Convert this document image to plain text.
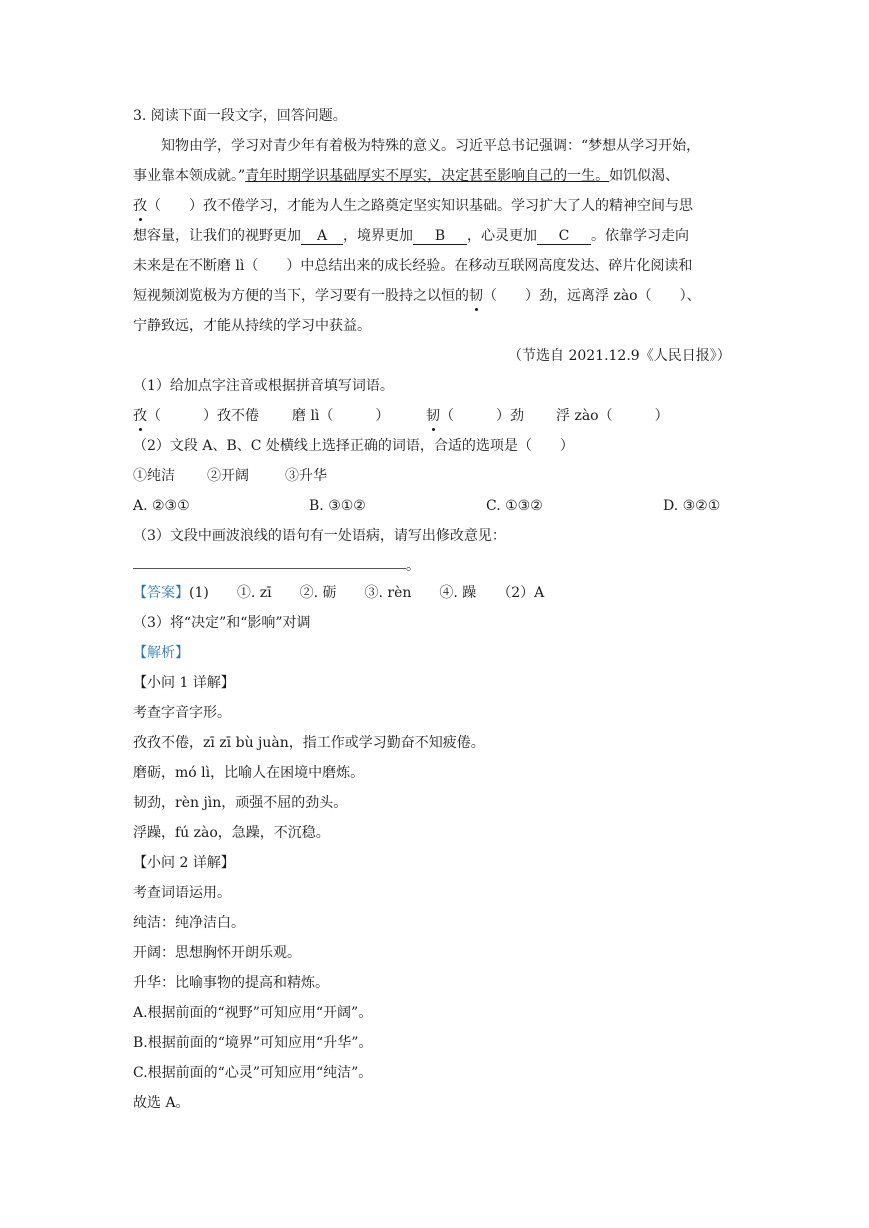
3. 阅读下面一段文字，回答问题。
知物由学，学习对青少年有着极为特殊的意义。习近平总书记强调：“梦想从学习开始，
事业靠本领成就。”青年时期学识基础厚实不厚实，决定甚至影响自己的一生。如饥似渴、
孜（　　）孜不倦学习，才能为人生之路奠定坚实知识基础。学习扩大了人的精神空间与思
想容量，让我们的视野更加 A ，境界更加 B ，心灵更加 C 。依靠学习走向
未来是在不断磨 lì（　　）中总结出来的成长经验。在移动互联网高度发达、碎片化阅读和
短视频浏览极为方便的当下，学习要有一股持之以恒的韧（　　）劲，远离浮 zào（　　）、
宁静致远，才能从持续的学习中获益。
（节选自 2021.12.9《人民日报》）
（1）给加点字注音或根据拼音填写词语。
孜（　　　）孜不倦 磨 lì（　　　）	韧（　　　）劲 浮 zào（　　　）
（2）文段 A、B、C 处横线上选择正确的词语，合适的选项是（　　）
①纯洁 ②开阔	③升华
A. ②③①	B. ③①②	C. ①③②	D. ③②①
（3）文段中画波浪线的语句有一处语病，请写出修改意见：
。
【答案】(1)　　①. zī　　②. 砺　　③. rèn　　④. 躁　　（2）A
（3）将“决定”和“影响”对调
【解析】
【小问 1 详解】
考查字音字形。
孜孜不倦，zī zī bù juàn，指工作或学习勤奋不知疲倦。
磨砺，mó lì，比喻人在困境中磨炼。
韧劲，rèn jìn，顽强不屈的劲头。
浮躁，fú zào，急躁，不沉稳。
【小问 2 详解】
考查词语运用。
纯洁：纯净洁白。
开阔：思想胸怀开朗乐观。
升华：比喻事物的提高和精炼。
A.根据前面的“视野”可知应用“开阔”。
B.根据前面的“境界”可知应用“升华”。
C.根据前面的“心灵”可知应用“纯洁”。
故选 A。
